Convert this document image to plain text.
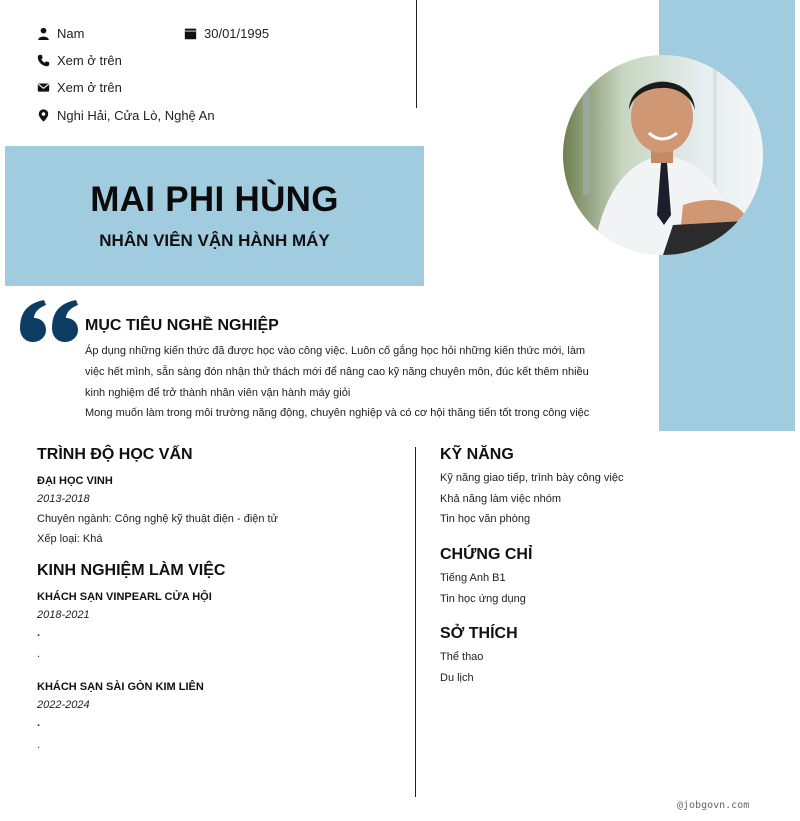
Nam	30/01/1995
Xem ở trên
Xem ở trên
Nghi Hải, Cửa Lò, Nghệ An
MAI PHI HÙNG
NHÂN VIÊN VẬN HÀNH MÁY
MỤC TIÊU NGHỀ NGHIỆP
Áp dụng những kiến thức đã được học vào công việc. Luôn cố gắng học hỏi những kiến thức mới, làm
việc hết mình, sẵn sàng đón nhận thử thách mới để nâng cao kỹ năng chuyên môn, đúc kết thêm nhiều
kinh nghiệm để trở thành nhân viên vận hành máy giỏi
Mong muốn làm trong môi trường năng động, chuyên nghiệp và có cơ hội thăng tiến tốt trong công việc
TRÌNH ĐỘ HỌC VẤN
ĐẠI HỌC VINH
2013-2018
Chuyên ngành: Công nghệ kỹ thuật điện - điện tử
Xếp loại: Khá
KINH NGHIỆM LÀM VIỆC
KHÁCH SẠN VINPEARL CỬA HỘI
2018-2021
.
.
KHÁCH SẠN SÀI GÒN KIM LIÊN
2022-2024
.
.
KỸ NĂNG
Kỹ năng giao tiếp, trình bày công việc
Khả năng làm việc nhóm
Tin học văn phòng
CHỨNG CHỈ
Tiếng Anh B1
Tin học ứng dụng
SỞ THÍCH
Thể thao
Du lịch
@jobgovn.com
